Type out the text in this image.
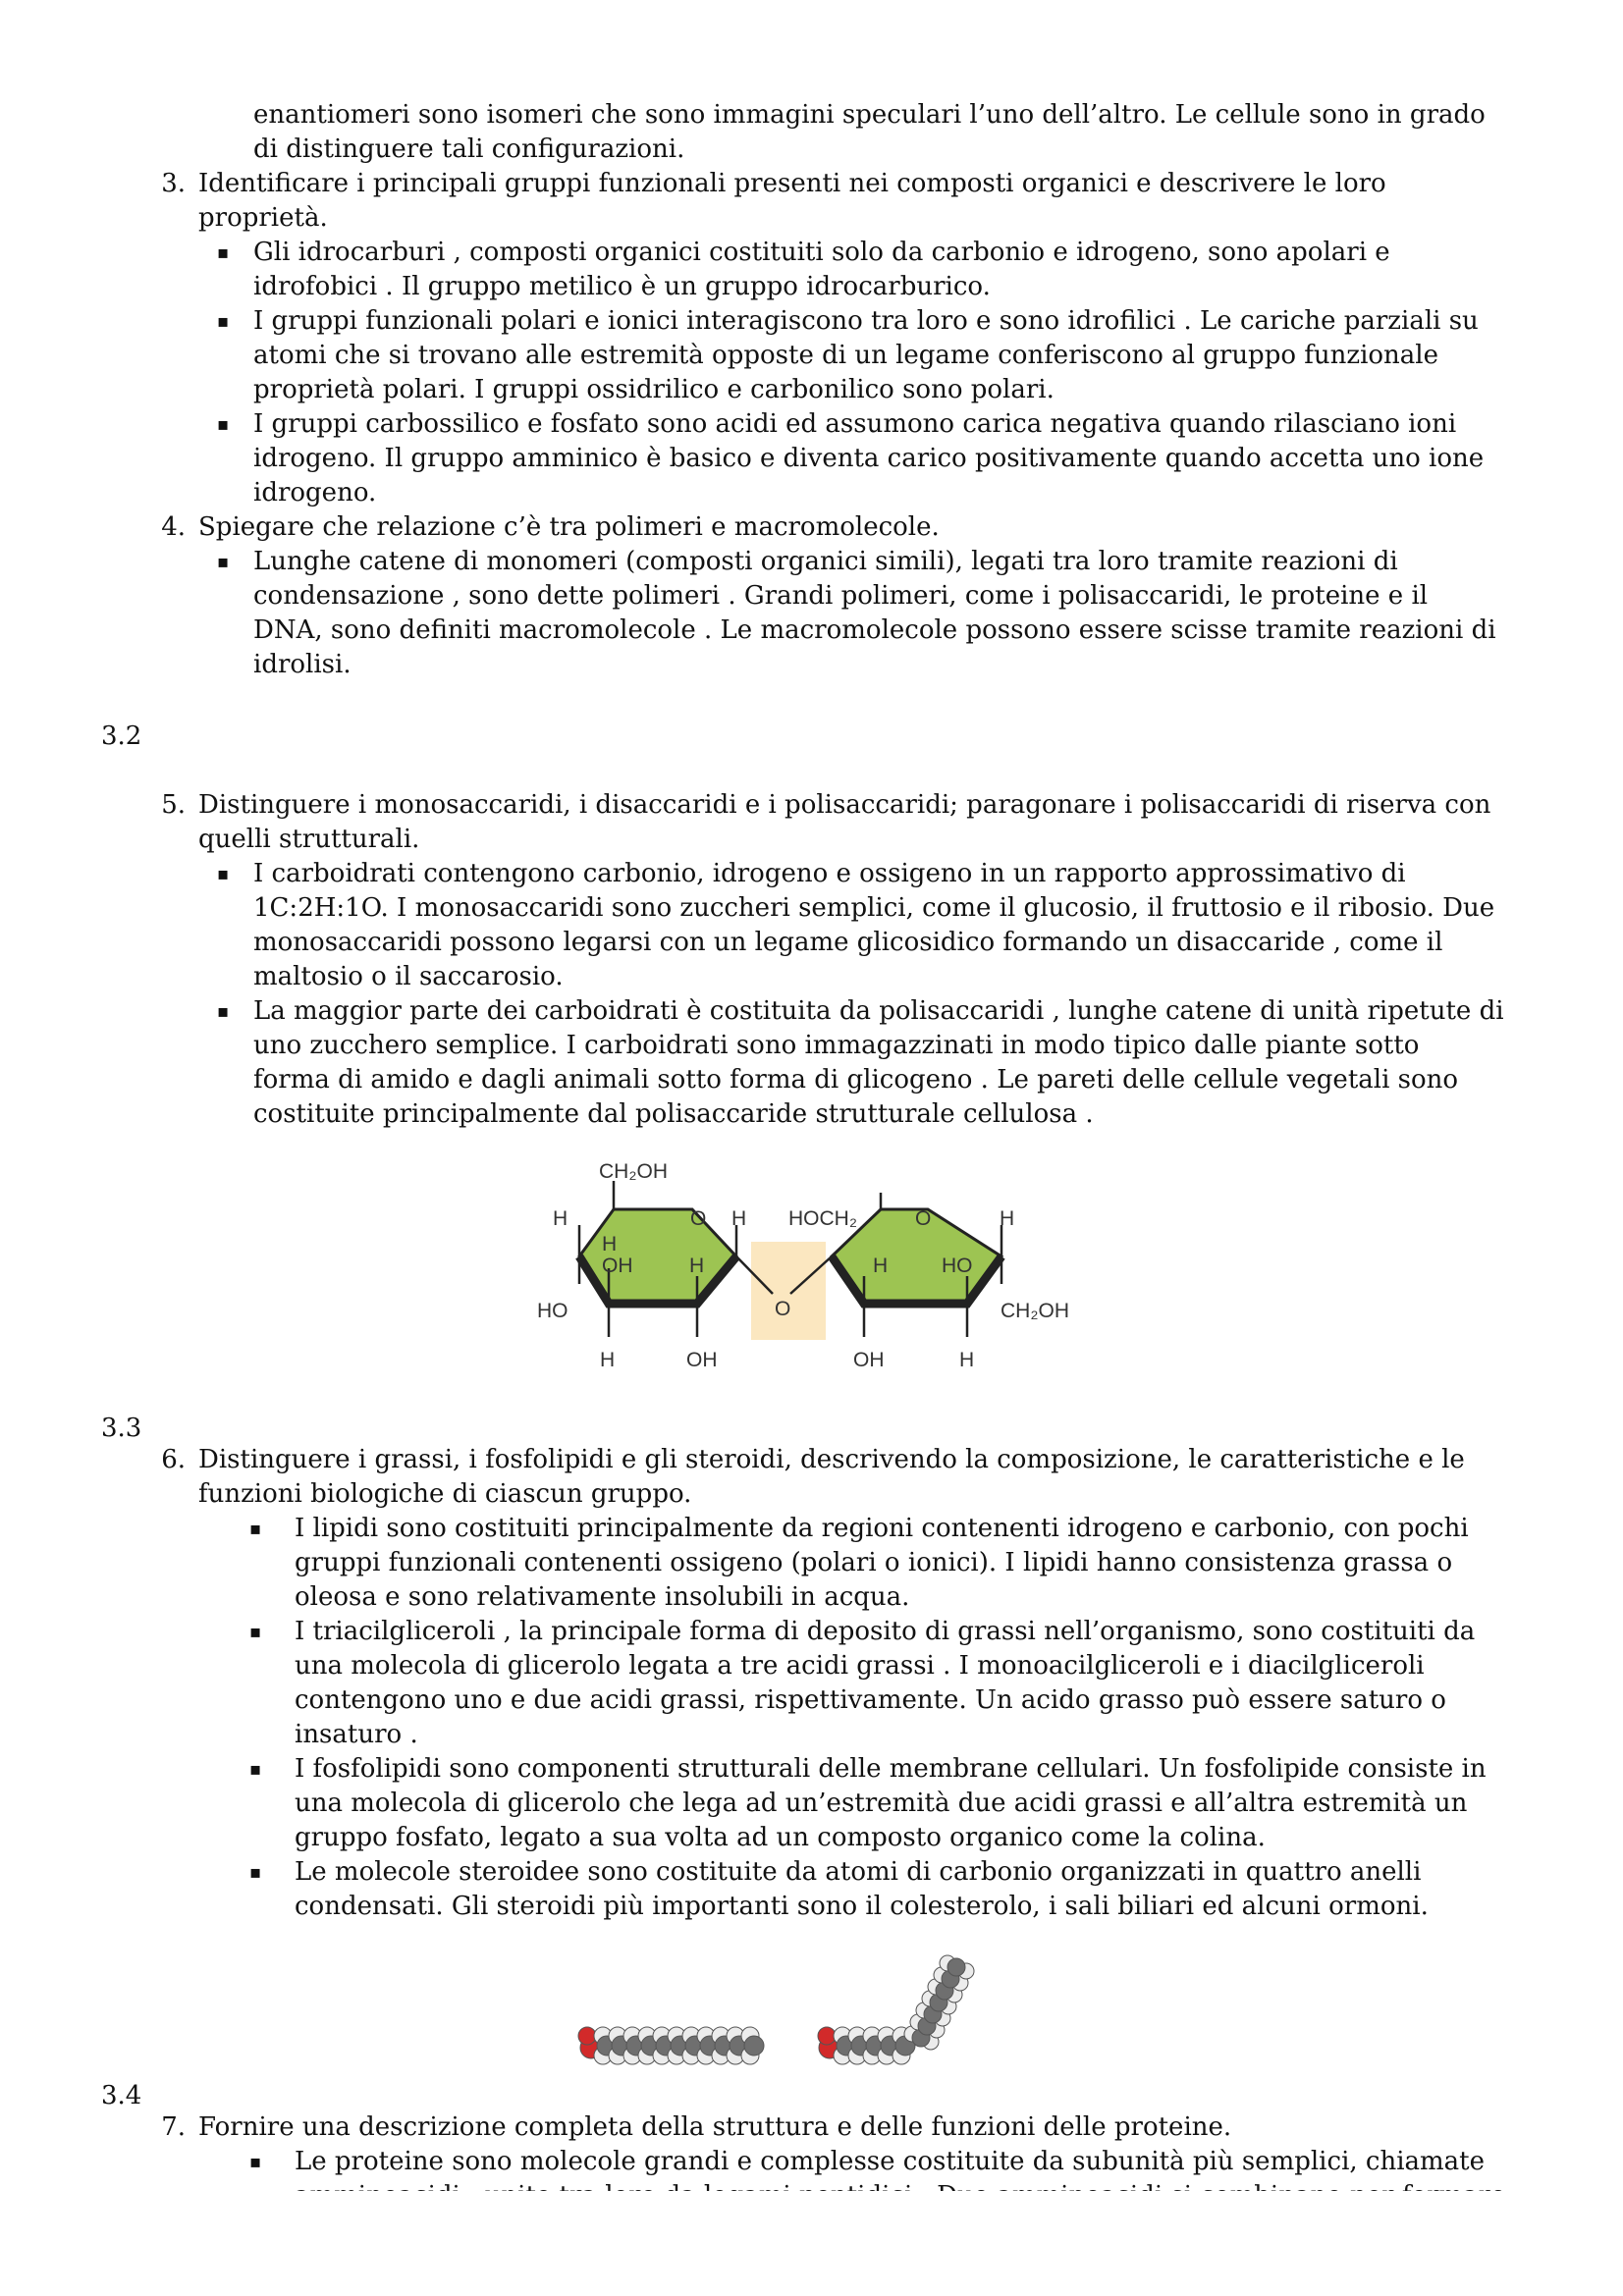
enantiomeri sono isomeri che sono immagini speculari l’uno dell’altro. Le cellule sono in grado
di distinguere tali configurazioni.
3. Identificare i principali gruppi funzionali presenti nei composti organici e descrivere le loro
proprietà.
▪ Gli idrocarburi , composti organici costituiti solo da carbonio e idrogeno, sono apolari e
idrofobici . Il gruppo metilico è un gruppo idrocarburico.
▪ I gruppi funzionali polari e ionici interagiscono tra loro e sono idrofilici . Le cariche parziali su
atomi che si trovano alle estremità opposte di un legame conferiscono al gruppo funzionale
proprietà polari. I gruppi ossidrilico e carbonilico sono polari.
▪ I gruppi carbossilico e fosfato sono acidi ed assumono carica negativa quando rilasciano ioni
idrogeno. Il gruppo amminico è basico e diventa carico positivamente quando accetta uno ione
idrogeno.
4. Spiegare che relazione c’è tra polimeri e macromolecole.
▪ Lunghe catene di monomeri (composti organici simili), legati tra loro tramite reazioni di
condensazione , sono dette polimeri . Grandi polimeri, come i polisaccaridi, le proteine e il
DNA, sono definiti macromolecole . Le macromolecole possono essere scisse tramite reazioni di
idrolisi.
3.2
5. Distinguere i monosaccaridi, i disaccaridi e i polisaccaridi; paragonare i polisaccaridi di riserva con
quelli strutturali.
▪ I carboidrati contengono carbonio, idrogeno e ossigeno in un rapporto approssimativo di
1C:2H:1O. I monosaccaridi sono zuccheri semplici, come il glucosio, il fruttosio e il ribosio. Due
monosaccaridi possono legarsi con un legame glicosidico formando un disaccaride , come il
maltosio o il saccarosio.
▪ La maggior parte dei carboidrati è costituita da polisaccaridi , lunghe catene di unità ripetute di
uno zucchero semplice. I carboidrati sono immagazzinati in modo tipico dalle piante sotto
forma di amido e dagli animali sotto forma di glicogeno . Le pareti delle cellule vegetali sono
costituite principalmente dal polisaccaride strutturale cellulosa .
CH₂OH
H	O H HOCH₂	O	H
H
OH	H	H	HO
HO	O	CH₂OH
H	OH	OH	H
3.3
6. Distinguere i grassi, i fosfolipidi e gli steroidi, descrivendo la composizione, le caratteristiche e le
funzioni biologiche di ciascun gruppo.
▪ I lipidi sono costituiti principalmente da regioni contenenti idrogeno e carbonio, con pochi
gruppi funzionali contenenti ossigeno (polari o ionici). I lipidi hanno consistenza grassa o
oleosa e sono relativamente insolubili in acqua.
▪ I triacilgliceroli , la principale forma di deposito di grassi nell’organismo, sono costituiti da
una molecola di glicerolo legata a tre acidi grassi . I monoacilgliceroli e i diacilgliceroli
contengono uno e due acidi grassi, rispettivamente. Un acido grasso può essere saturo o
insaturo .
▪ I fosfolipidi sono componenti strutturali delle membrane cellulari. Un fosfolipide consiste in
una molecola di glicerolo che lega ad un’estremità due acidi grassi e all’altra estremità un
gruppo fosfato, legato a sua volta ad un composto organico come la colina.
▪ Le molecole steroidee sono costituite da atomi di carbonio organizzati in quattro anelli
condensati. Gli steroidi più importanti sono il colesterolo, i sali biliari ed alcuni ormoni.
3.4
7. Fornire una descrizione completa della struttura e delle funzioni delle proteine.
▪ Le proteine sono molecole grandi e complesse costituite da subunità più semplici, chiamate
